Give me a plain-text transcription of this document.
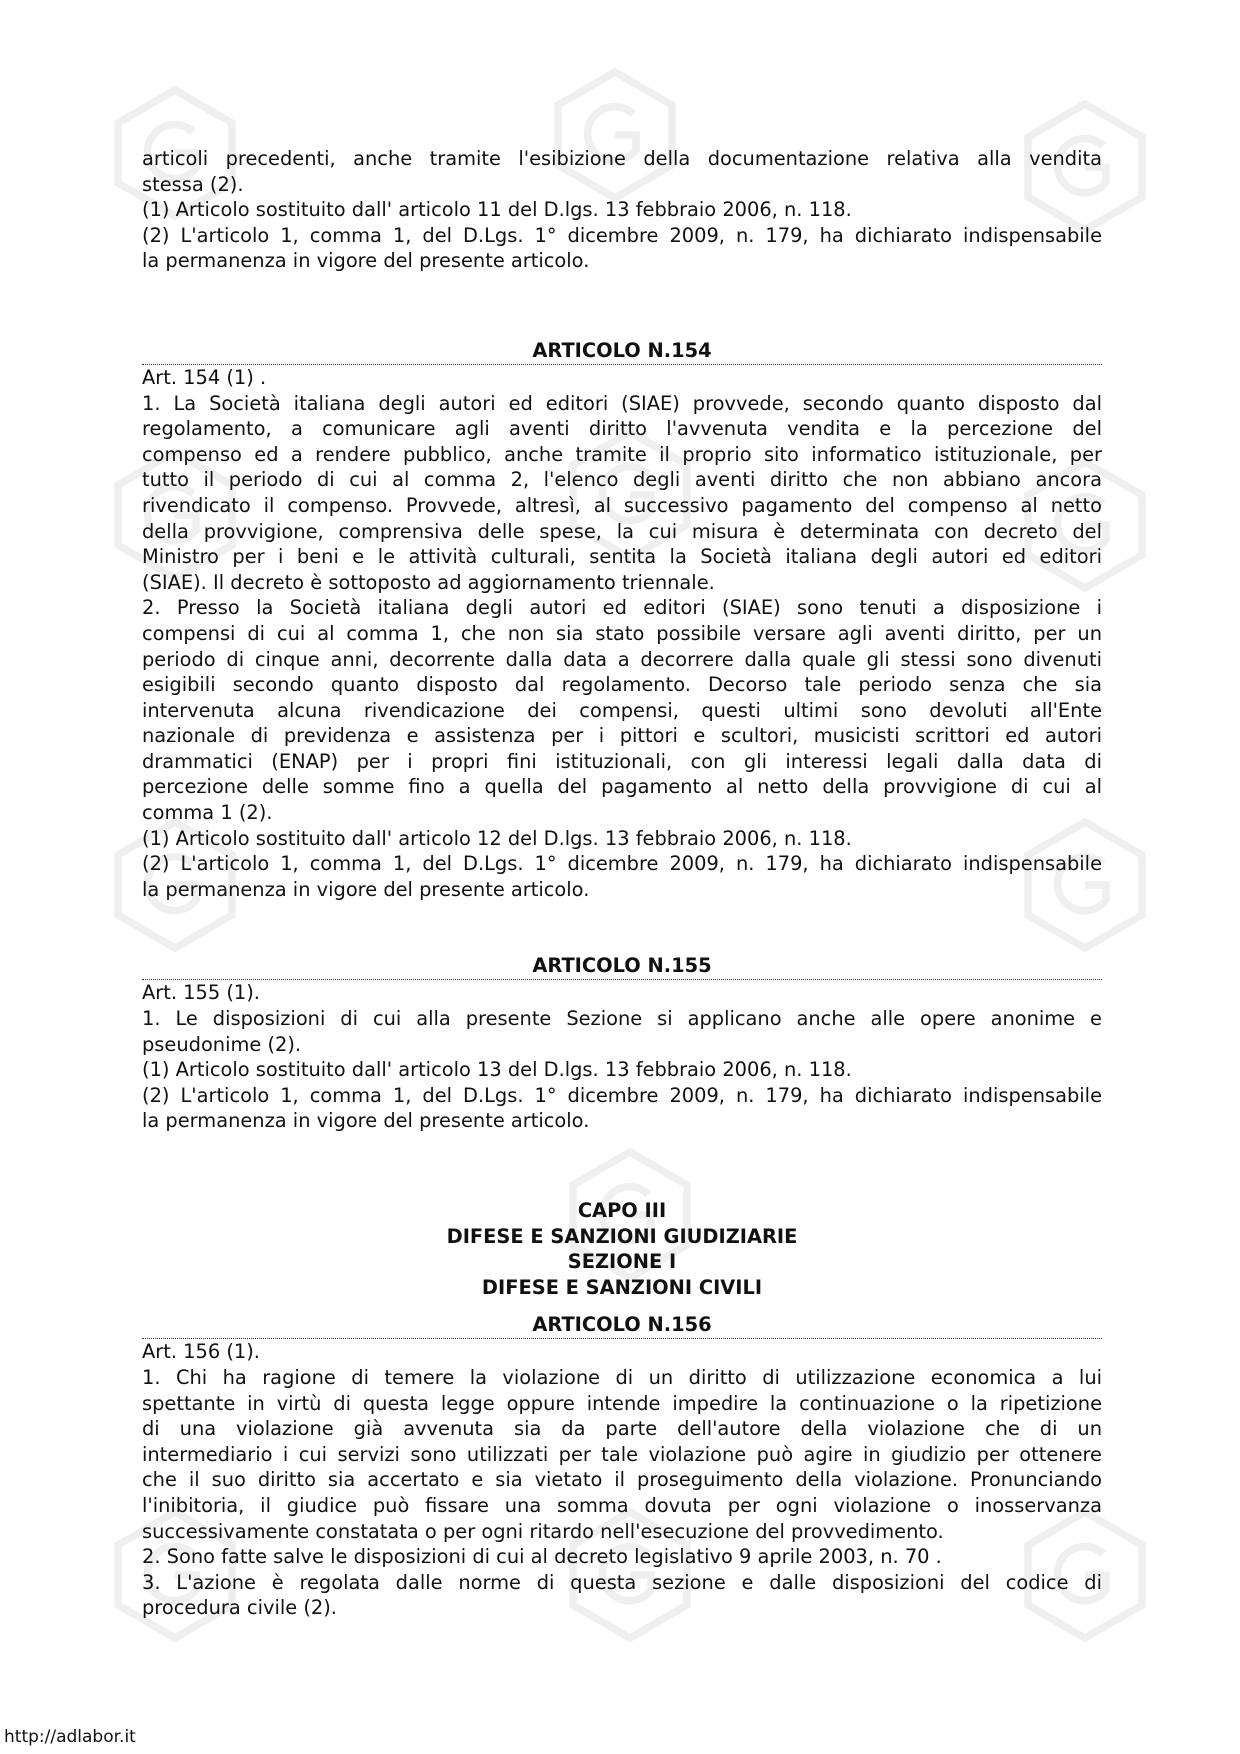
articoli precedenti, anche tramite l'esibizione della documentazione relativa alla vendita

stessa (2).

(1) Articolo sostituito dall' articolo 11 del D.lgs. 13 febbraio 2006, n. 118.

(2) L'articolo 1, comma 1, del D.Lgs. 1° dicembre 2009, n. 179, ha dichiarato indispensabile

la permanenza in vigore del presente articolo.

ARTICOLO N.154

Art. 154 (1) .

1. La Società italiana degli autori ed editori (SIAE) provvede, secondo quanto disposto dal

regolamento, a comunicare agli aventi diritto l'avvenuta vendita e la percezione del

compenso ed a rendere pubblico, anche tramite il proprio sito informatico istituzionale, per

tutto il periodo di cui al comma 2, l'elenco degli aventi diritto che non abbiano ancora

rivendicato il compenso. Provvede, altresì, al successivo pagamento del compenso al netto

della provvigione, comprensiva delle spese, la cui misura è determinata con decreto del

Ministro per i beni e le attività culturali, sentita la Società italiana degli autori ed editori

(SIAE). Il decreto è sottoposto ad aggiornamento triennale.

2. Presso la Società italiana degli autori ed editori (SIAE) sono tenuti a disposizione i

compensi di cui al comma 1, che non sia stato possibile versare agli aventi diritto, per un

periodo di cinque anni, decorrente dalla data a decorrere dalla quale gli stessi sono divenuti

esigibili secondo quanto disposto dal regolamento. Decorso tale periodo senza che sia

intervenuta alcuna rivendicazione dei compensi, questi ultimi sono devoluti all'Ente

nazionale di previdenza e assistenza per i pittori e scultori, musicisti scrittori ed autori

drammatici (ENAP) per i propri fini istituzionali, con gli interessi legali dalla data di

percezione delle somme fino a quella del pagamento al netto della provvigione di cui al

comma 1 (2).

(1) Articolo sostituito dall' articolo 12 del D.lgs. 13 febbraio 2006, n. 118.

(2) L'articolo 1, comma 1, del D.Lgs. 1° dicembre 2009, n. 179, ha dichiarato indispensabile

la permanenza in vigore del presente articolo.

ARTICOLO N.155

Art. 155 (1).

1. Le disposizioni di cui alla presente Sezione si applicano anche alle opere anonime e

pseudonime (2).

(1) Articolo sostituito dall' articolo 13 del D.lgs. 13 febbraio 2006, n. 118.

(2) L'articolo 1, comma 1, del D.Lgs. 1° dicembre 2009, n. 179, ha dichiarato indispensabile

la permanenza in vigore del presente articolo.

CAPO III

DIFESE E SANZIONI GIUDIZIARIE

SEZIONE I

DIFESE E SANZIONI CIVILI

ARTICOLO N.156

Art. 156 (1).

1. Chi ha ragione di temere la violazione di un diritto di utilizzazione economica a lui

spettante in virtù di questa legge oppure intende impedire la continuazione o la ripetizione

di una violazione già avvenuta sia da parte dell'autore della violazione che di un

intermediario i cui servizi sono utilizzati per tale violazione può agire in giudizio per ottenere

che il suo diritto sia accertato e sia vietato il proseguimento della violazione. Pronunciando

l'inibitoria, il giudice può fissare una somma dovuta per ogni violazione o inosservanza

successivamente constatata o per ogni ritardo nell'esecuzione del provvedimento.

2. Sono fatte salve le disposizioni di cui al decreto legislativo 9 aprile 2003, n. 70 .

3. L'azione è regolata dalle norme di questa sezione e dalle disposizioni del codice di

procedura civile (2).

http://adlabor.it
